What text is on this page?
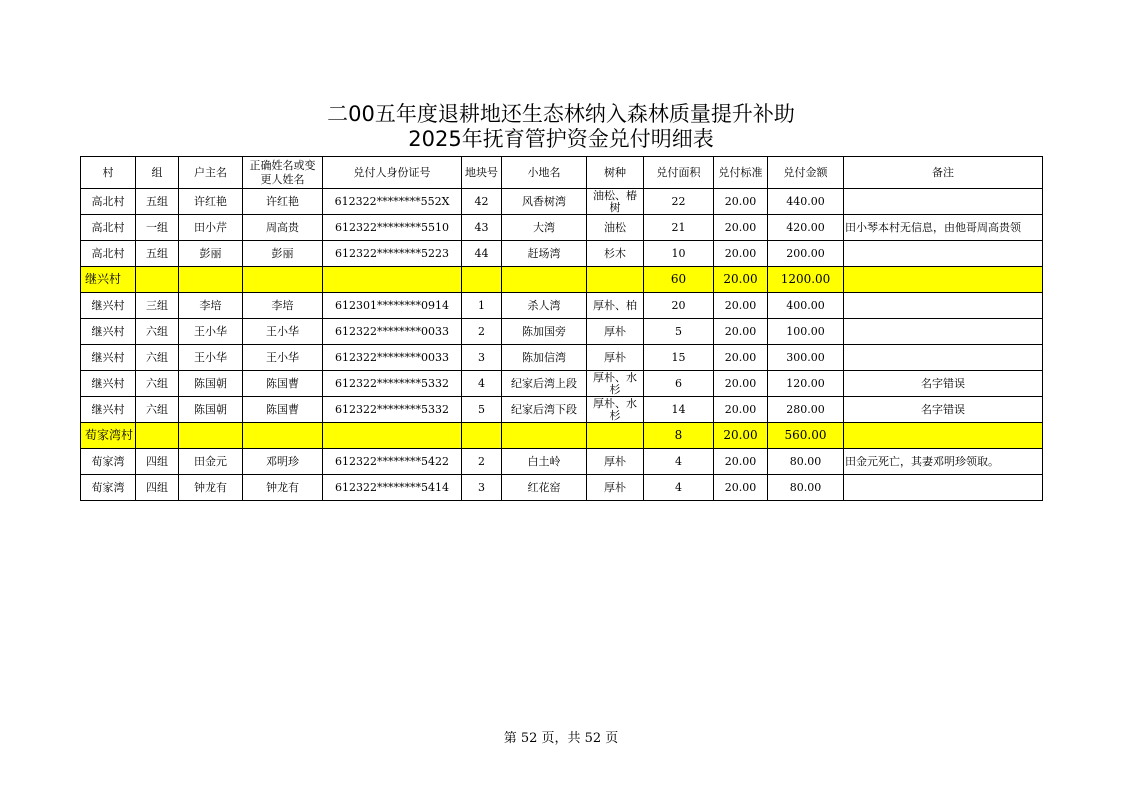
二00五年度退耕地还生态林纳入森林质量提升补助
2025年抚育管护资金兑付明细表
村	组	户主名	正确姓名或变更人姓名	兑付人身份证号	地块号	小地名	树种	兑付面积	兑付标准	兑付金额	备注
高北村	五组	许红艳	许红艳	612322********552X	42	风香树湾	油松、椿树	22	20.00	440.00	
高北村	一组	田小芹	周高贵	612322********5510	43	大湾	油松	21	20.00	420.00	田小琴本村无信息，由他哥周高贵领

高北村	五组	彭丽	彭丽	612322********5223	44	赶场湾	杉木	10	20.00	200.00	
继兴村								60	20.00	1200.00	
继兴村	三组	李培	李培	612301********0914	1	杀人湾	厚朴、柏	20	20.00	400.00	
继兴村	六组	王小华	王小华	612322********0033	2	陈加国旁	厚朴	5	20.00	100.00	
继兴村	六组	王小华	王小华	612322********0033	3	陈加信湾	厚朴	15	20.00	300.00	
继兴村	六组	陈国朝	陈国曹	612322********5332	4	纪家后湾上段	厚朴、水杉	6	20.00	120.00	名字错误
继兴村	六组	陈国朝	陈国曹	612322********5332	5	纪家后湾下段	厚朴、水杉	14	20.00	280.00	名字错误
荀家湾村								8	20.00	560.00	
荀家湾	四组	田金元	邓明珍	612322********5422	2	白土岭	厚朴	4	20.00	80.00	田金元死亡，其妻邓明珍领取。

荀家湾	四组	钟龙有	钟龙有	612322********5414	3	红花窑	厚朴	4	20.00	80.00	
第 52 页，共 52 页
